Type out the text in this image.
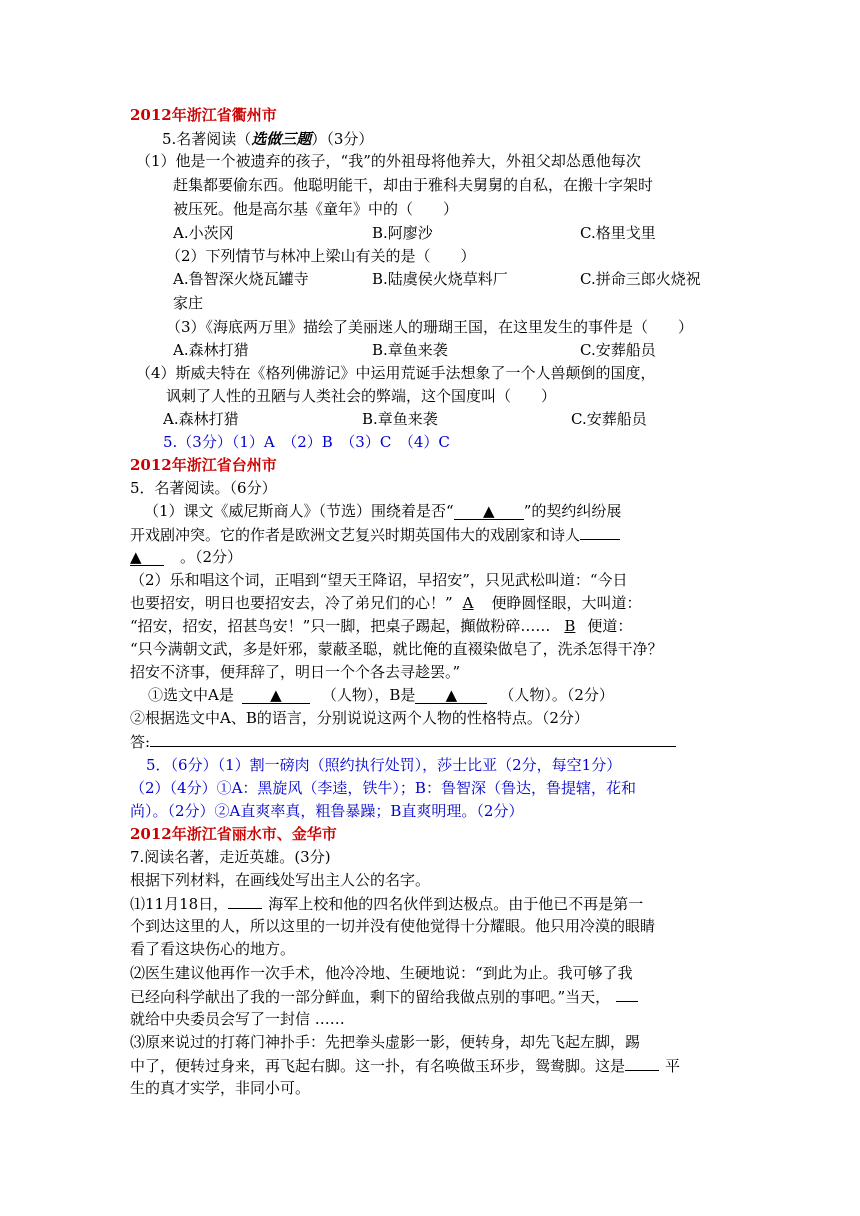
2012年浙江省衢州市
5.名著阅读（选做三题）（3分）
（1）他是一个被遗弃的孩子，“我”的外祖母将他养大，外祖父却怂恿他每次
赶集都要偷东西。他聪明能干，却由于雅科夫舅舅的自私，在搬十字架时
被压死。他是高尔基《童年》中的（　　）
A.小茨冈	B.阿廖沙	C.格里戈里
（2）下列情节与林冲上梁山有关的是（　　）
A.鲁智深火烧瓦罐寺	B.陆虞侯火烧草料厂	C.拼命三郎火烧祝
家庄
（3）《海底两万里》描绘了美丽迷人的珊瑚王国，在这里发生的事件是（　　）
A.森林打猎	B.章鱼来袭	C.安葬船员
（4）斯威夫特在《格列佛游记》中运用荒诞手法想象了一个人兽颠倒的国度，
讽刺了人性的丑陋与人类社会的弊端，这个国度叫（　　）
A.森林打猎	B.章鱼来袭	C.安葬船员
5.（3分）（1）A　（2）B　（3）C　（4）C
2012年浙江省台州市
5．名著阅读。（6分）
（1）课文《威尼斯商人》（节选）围绕着是否“ ▲ ”的契约纠纷展
开戏剧冲突。它的作者是欧洲文艺复兴时期英国伟大的戏剧家和诗人
▲	。（2分）
（2）乐和唱这个词，正唱到“望天王降诏，早招安”，只见武松叫道：“今日
也要招安，明日也要招安去，冷了弟兄们的心！” A 便睁圆怪眼，大叫道：
“招安，招安，招甚鸟安！”只一脚，把桌子踢起，攧做粉碎…… B 便道：
“只今满朝文武，多是奸邪，蒙蔽圣聪，就比俺的直裰染做皂了，洗杀怎得干净？
招安不济事，便拜辞了，明日一个个各去寻趁罢。”
①选文中A是 ▲	（人物），B是 ▲	（人物）。（2分）
②根据选文中A、B的语言，分别说说这两个人物的性格特点。（2分）
答:
5．（6分）（1）割一磅肉（照约执行处罚），莎士比亚（2分，每空1分）
（2）（4分）①A：黑旋风（李逵，铁牛）；B：鲁智深（鲁达，鲁提辖，花和
尚）。（2分）②A直爽率真，粗鲁暴躁；B直爽明理。（2分）
2012年浙江省丽水市、金华市
7.阅读名著，走近英雄。(3分)
根据下列材料，在画线处写出主人公的名字。
⑴11月18日，	海军上校和他的四名伙伴到达极点。由于他已不再是第一
个到达这里的人，所以这里的一切并没有使他觉得十分耀眼。他只用冷漠的眼睛
看了看这块伤心的地方。
⑵医生建议他再作一次手术，他冷冷地、生硬地说：“到此为止。我可够了我
已经向科学献出了我的一部分鲜血，剩下的留给我做点别的事吧。”当天，
就给中央委员会写了一封信 ……
⑶原来说过的打蒋门神扑手：先把拳头虚影一影，便转身，却先飞起左脚，踢
中了，便转过身来，再飞起右脚。这一扑，有名唤做玉环步，鸳鸯脚。这是	平
生的真才实学，非同小可。
